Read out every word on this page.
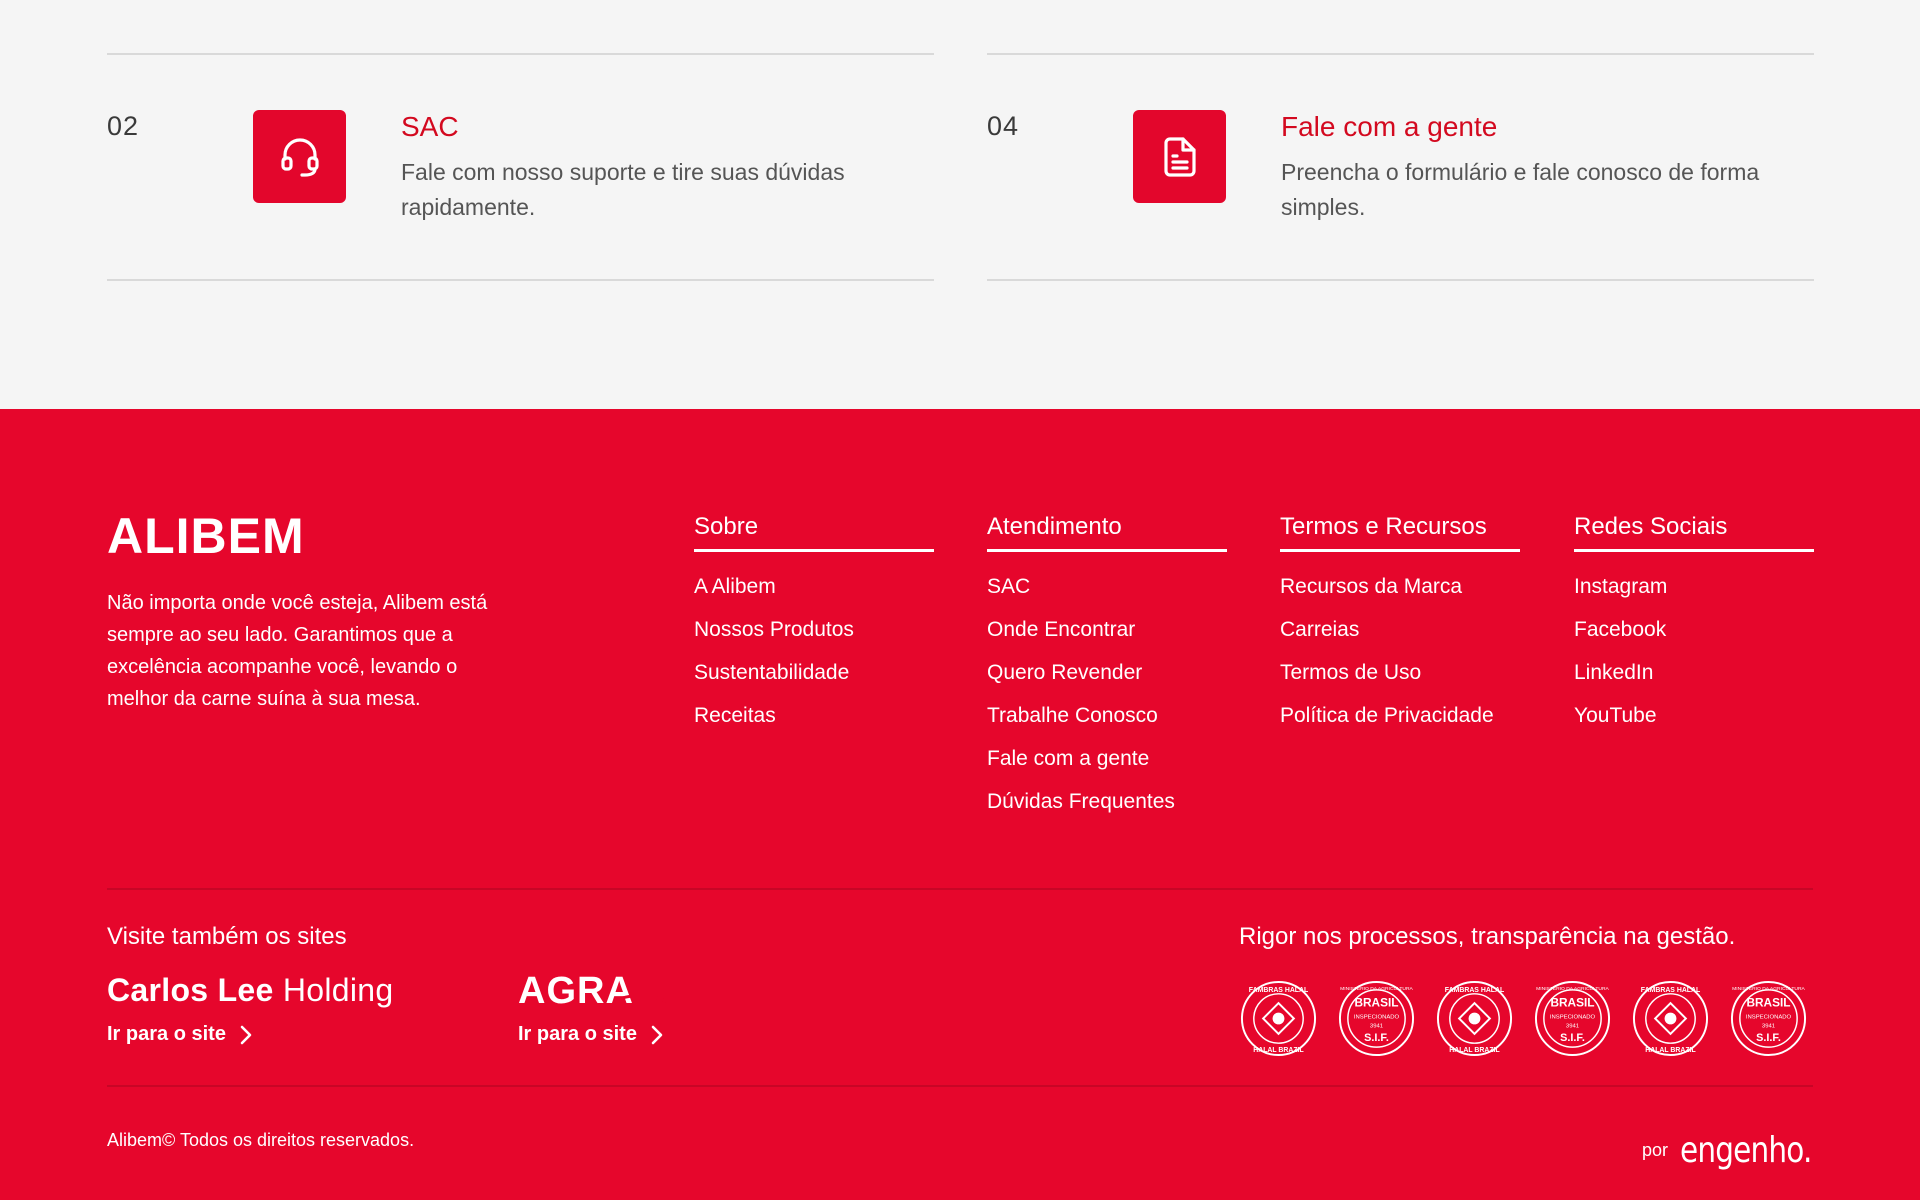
02	SAC
Fale com nosso suporte e tire suas dúvidas rapidamente.
04	Fale com a gente
Preencha o formulário e fale conosco de forma simples.
ALIBEM
Não importa onde você esteja, Alibem está sempre ao seu lado. Garantimos que a excelência acompanhe você, levando o melhor da carne suína à sua mesa.
Sobre
A Alibem
Nossos Produtos
Sustentabilidade
Receitas
Atendimento
SAC
Onde Encontrar
Quero Revender
Trabalhe Conosco
Fale com a gente
Dúvidas Frequentes
Termos e Recursos
Recursos da Marca
Carreias
Termos de Uso
Política de Privacidade
Redes Sociais
Instagram
Facebook
LinkedIn
YouTube
Visite também os sites
Carlos Lee Holding
Ir para o site
AGRA
Ir para o site
Rigor nos processos, transparência na gestão.
FAMBRAS HALAL
HALAL BRAZIL
MINISTÉRIO DA AGRICULTURA
BRASIL
INSPECIONADO
3941
S.I.F.
FAMBRAS HALAL
HALAL BRAZIL
MINISTÉRIO DA AGRICULTURA
BRASIL
INSPECIONADO
3941
S.I.F.
FAMBRAS HALAL
HALAL BRAZIL
MINISTÉRIO DA AGRICULTURA
BRASIL
INSPECIONADO
3941
S.I.F.
Alibem© Todos os direitos reservados.	por engenho.
